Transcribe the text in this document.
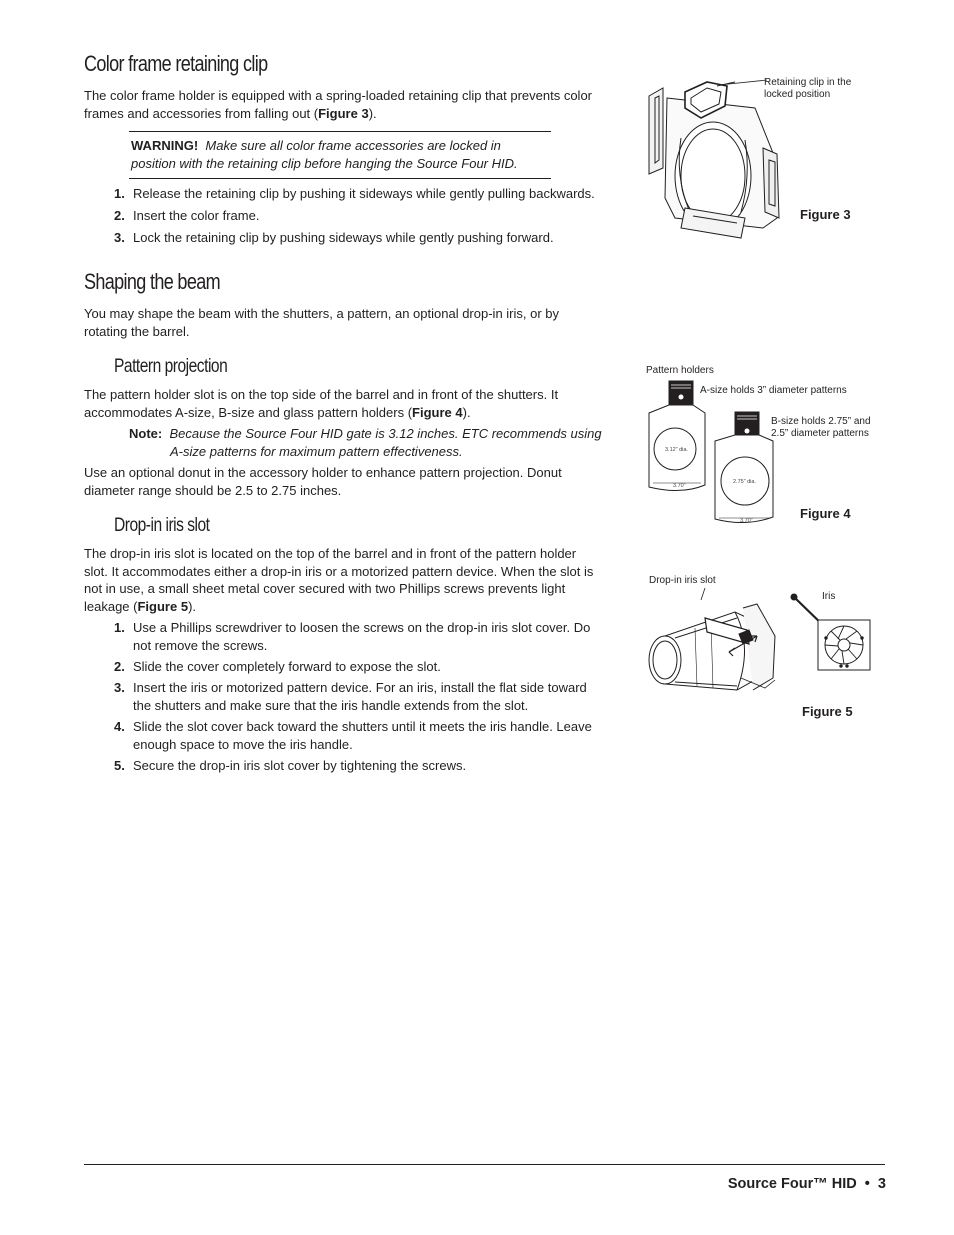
Color frame retaining clip
The color frame holder is equipped with a spring-loaded retaining clip that prevents color
frames and accessories from falling out (Figure 3).
WARNING! Make sure all color frame accessories are locked in
position with the retaining clip before hanging the Source Four HID.
1. Release the retaining clip by pushing it sideways while gently pulling backwards.
2. Insert the color frame.
3. Lock the retaining clip by pushing sideways while gently pushing forward.
Shaping the beam
You may shape the beam with the shutters, a pattern, an optional drop-in iris, or by
rotating the barrel.
Pattern projection
The pattern holder slot is on the top side of the barrel and in front of the shutters. It
accommodates A-size, B-size and glass pattern holders (Figure 4).
Note: Because the Source Four HID gate is 3.12 inches. ETC recommends using
A-size patterns for maximum pattern effectiveness.
Use an optional donut in the accessory holder to enhance pattern projection. Donut
diameter range should be 2.5 to 2.75 inches.
Drop-in iris slot
The drop-in iris slot is located on the top of the barrel and in front of the pattern holder
slot. It accommodates either a drop-in iris or a motorized pattern device. When the slot is
not in use, a small sheet metal cover secured with two Phillips screws prevents light
leakage (Figure 5).
1. Use a Phillips screwdriver to loosen the screws on the drop-in iris slot cover. Do
not remove the screws.
2. Slide the cover completely forward to expose the slot.
3. Insert the iris or motorized pattern device. For an iris, install the flat side toward
the shutters and make sure that the iris handle extends from the slot.
4. Slide the slot cover back toward the shutters until it meets the iris handle. Leave
enough space to move the iris handle.
5. Secure the drop-in iris slot cover by tightening the screws.
Retaining clip in the
locked position
Figure 3
Pattern holders
A-size holds 3” diameter patterns
B-size holds 2.75” and
2.5” diameter patterns
3.12” dia.
3.70”
2.75” dia.
3.70”	Figure 4
Drop-in iris slot
Iris
Figure 5
Source Four™ HID  •  3
